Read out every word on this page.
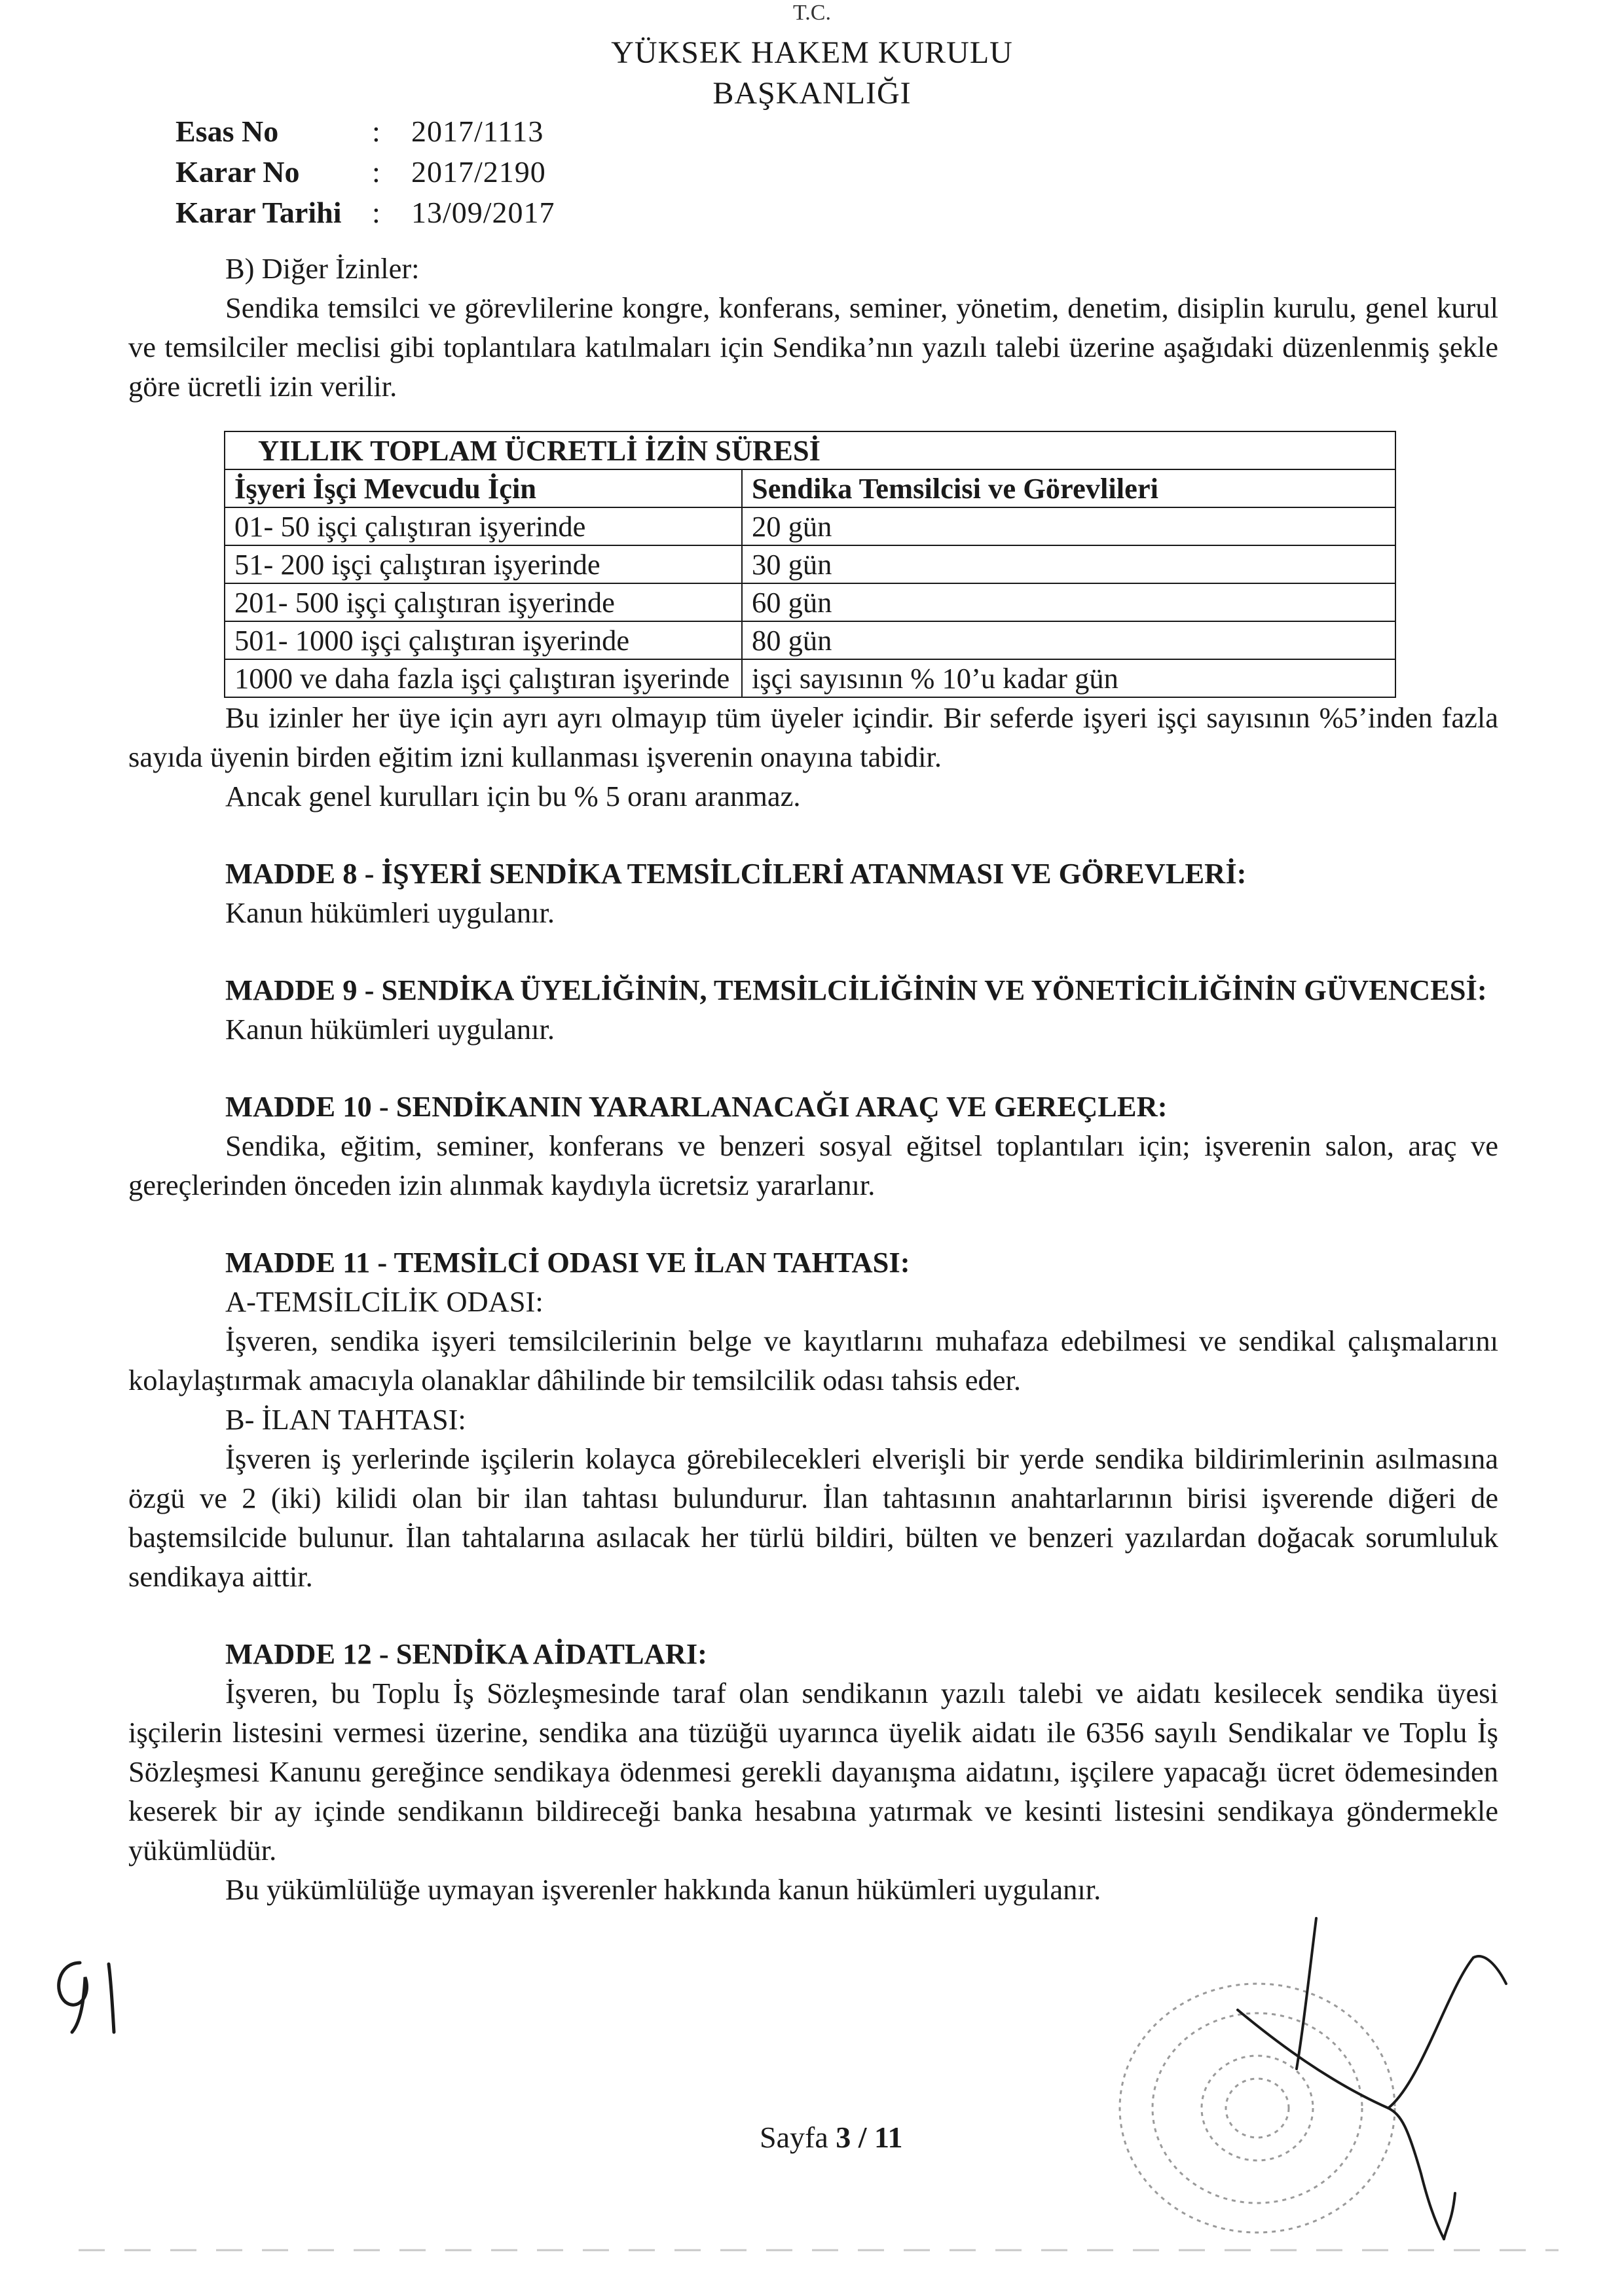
T.C.
YÜKSEK HAKEM KURULU
BAŞKANLIĞI
Esas No	:	2017/1113
Karar No	:	2017/2190
Karar Tarihi	:	13/09/2017

B) Diğer İzinler:

Sendika temsilci ve görevlilerine kongre, konferans, seminer, yönetim, denetim, disiplin kurulu, genel kurul ve temsilciler meclisi gibi toplantılara katılmaları için Sendika’nın yazılı talebi üzerine aşağıdaki düzenlenmiş şekle göre ücretli izin verilir.

YILLIK TOPLAM ÜCRETLİ İZİN SÜRESİ	
İşyeri İşçi Mevcudu İçin	Sendika Temsilcisi ve Görevlileri
01- 50 işçi çalıştıran işyerinde	20 gün
51- 200 işçi çalıştıran işyerinde	30 gün
201- 500 işçi çalıştıran işyerinde	60 gün
501- 1000 işçi çalıştıran işyerinde	80 gün
1000 ve daha fazla işçi çalıştıran işyerinde	işçi sayısının % 10’u kadar gün

Bu izinler her üye için ayrı ayrı olmayıp tüm üyeler içindir. Bir seferde işyeri işçi sayısının %5’inden fazla sayıda üyenin birden eğitim izni kullanması işverenin onayına tabidir.

Ancak genel kurulları için bu % 5 oranı aranmaz.

MADDE 8 - İŞYERİ SENDİKA TEMSİLCİLERİ ATANMASI VE GÖREVLERİ:

Kanun hükümleri uygulanır.

MADDE 9 - SENDİKA ÜYELİĞİNİN, TEMSİLCİLİĞİNİN VE YÖNETİCİLİĞİNİN GÜVENCESİ:

Kanun hükümleri uygulanır.

MADDE 10 - SENDİKANIN YARARLANACAĞI ARAÇ VE GEREÇLER:

Sendika, eğitim, seminer, konferans ve benzeri sosyal eğitsel toplantıları için; işverenin salon, araç ve gereçlerinden önceden izin alınmak kaydıyla ücretsiz yararlanır.

MADDE 11 - TEMSİLCİ ODASI VE İLAN TAHTASI:

A-TEMSİLCİLİK ODASI:

İşveren, sendika işyeri temsilcilerinin belge ve kayıtlarını muhafaza edebilmesi ve sendikal çalışmalarını kolaylaştırmak amacıyla olanaklar dâhilinde bir temsilcilik odası tahsis eder.

B- İLAN TAHTASI:

İşveren iş yerlerinde işçilerin kolayca görebilecekleri elverişli bir yerde sendika bildirimlerinin asılmasına özgü ve 2 (iki) kilidi olan bir ilan tahtası bulundurur. İlan tahtasının anahtarlarının birisi işverende diğeri de baştemsilcide bulunur. İlan tahtalarına asılacak her türlü bildiri, bülten ve benzeri yazılardan doğacak sorumluluk sendikaya aittir.

MADDE 12 - SENDİKA AİDATLARI:

İşveren, bu Toplu İş Sözleşmesinde taraf olan sendikanın yazılı talebi ve aidatı kesilecek sendika üyesi işçilerin listesini vermesi üzerine, sendika ana tüzüğü uyarınca üyelik aidatı ile 6356 sayılı Sendikalar ve Toplu İş Sözleşmesi Kanunu gereğince sendikaya ödenmesi gerekli dayanışma aidatını, işçilere yapacağı ücret ödemesinden keserek bir ay içinde sendikanın bildireceği banka hesabına yatırmak ve kesinti listesini sendikaya göndermekle yükümlüdür.

Bu yükümlülüğe uymayan işverenler hakkında kanun hükümleri uygulanır.

Sayfa 3 / 11
